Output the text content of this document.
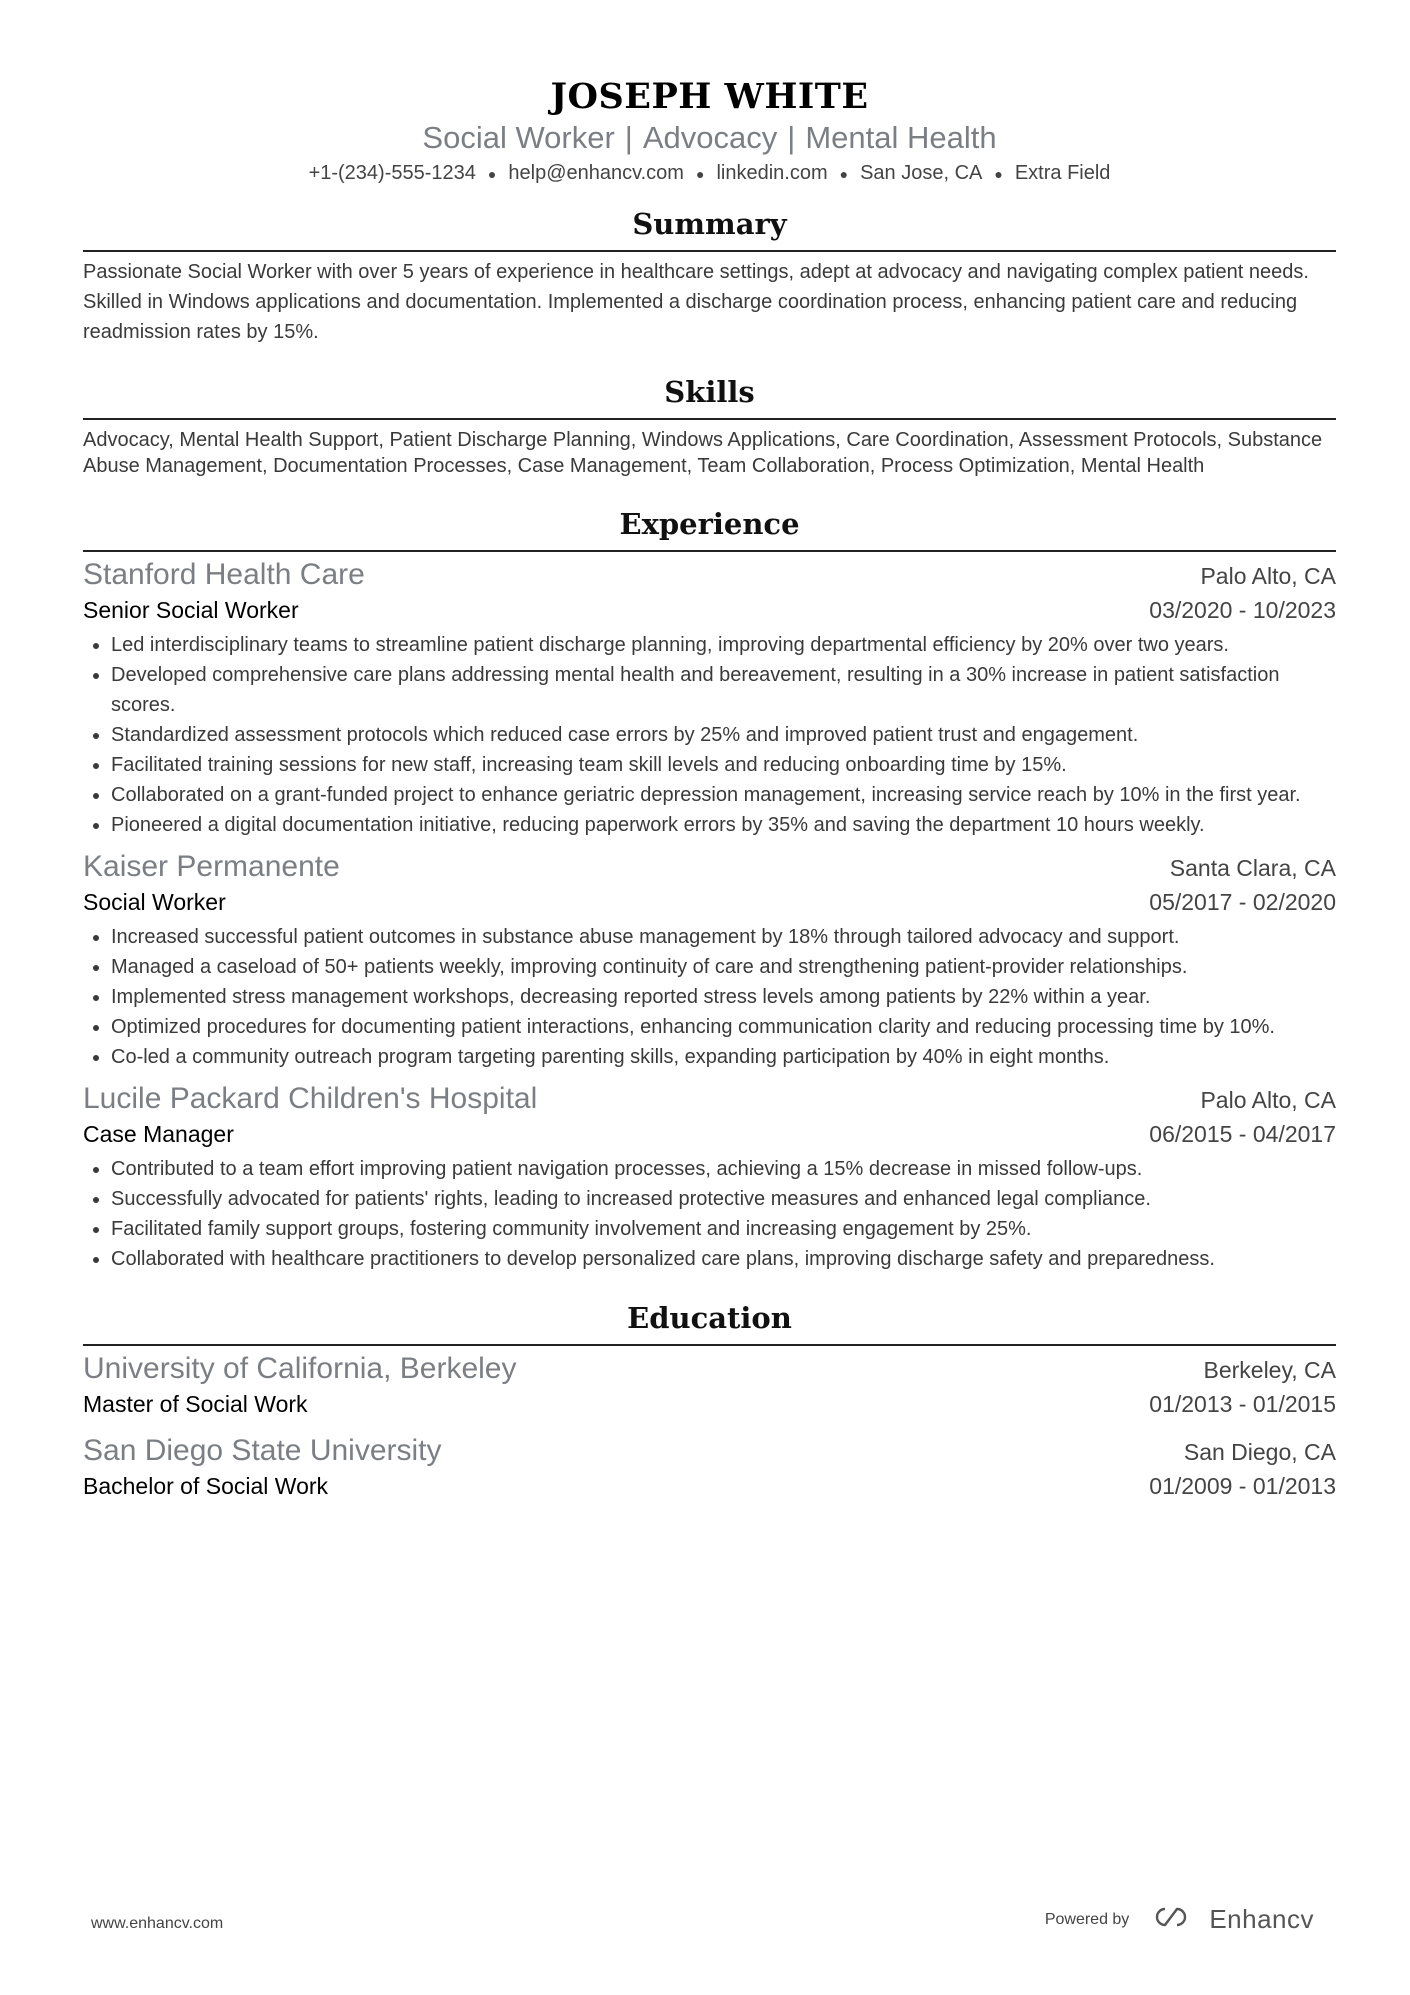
JOSEPH WHITE
Social Worker | Advocacy | Mental Health
+1-(234)-555-1234 ● help@enhancv.com ● linkedin.com ● San Jose, CA ● Extra Field
Summary
Passionate Social Worker with over 5 years of experience in healthcare settings, adept at advocacy and navigating complex patient needs. Skilled in Windows applications and documentation. Implemented a discharge coordination process, enhancing patient care and reducing readmission rates by 15%.
Skills
Advocacy, Mental Health Support, Patient Discharge Planning, Windows Applications, Care Coordination, Assessment Protocols, Substance Abuse Management, Documentation Processes, Case Management, Team Collaboration, Process Optimization, Mental Health
Experience
Stanford Health Care	Palo Alto, CA
Senior Social Worker	03/2020 - 10/2023
• Led interdisciplinary teams to streamline patient discharge planning, improving departmental efficiency by 20% over two years.
• Developed comprehensive care plans addressing mental health and bereavement, resulting in a 30% increase in patient satisfaction scores.
• Standardized assessment protocols which reduced case errors by 25% and improved patient trust and engagement.
• Facilitated training sessions for new staff, increasing team skill levels and reducing onboarding time by 15%.
• Collaborated on a grant-funded project to enhance geriatric depression management, increasing service reach by 10% in the first year.
• Pioneered a digital documentation initiative, reducing paperwork errors by 35% and saving the department 10 hours weekly.
Kaiser Permanente	Santa Clara, CA
Social Worker	05/2017 - 02/2020
• Increased successful patient outcomes in substance abuse management by 18% through tailored advocacy and support.
• Managed a caseload of 50+ patients weekly, improving continuity of care and strengthening patient-provider relationships.
• Implemented stress management workshops, decreasing reported stress levels among patients by 22% within a year.
• Optimized procedures for documenting patient interactions, enhancing communication clarity and reducing processing time by 10%.
• Co-led a community outreach program targeting parenting skills, expanding participation by 40% in eight months.
Lucile Packard Children's Hospital	Palo Alto, CA
Case Manager	06/2015 - 04/2017
• Contributed to a team effort improving patient navigation processes, achieving a 15% decrease in missed follow-ups.
• Successfully advocated for patients' rights, leading to increased protective measures and enhanced legal compliance.
• Facilitated family support groups, fostering community involvement and increasing engagement by 25%.
• Collaborated with healthcare practitioners to develop personalized care plans, improving discharge safety and preparedness.
Education
University of California, Berkeley	Berkeley, CA
Master of Social Work	01/2013 - 01/2015
San Diego State University	San Diego, CA
Bachelor of Social Work	01/2009 - 01/2013
www.enhancv.com	Powered by	Enhancv
